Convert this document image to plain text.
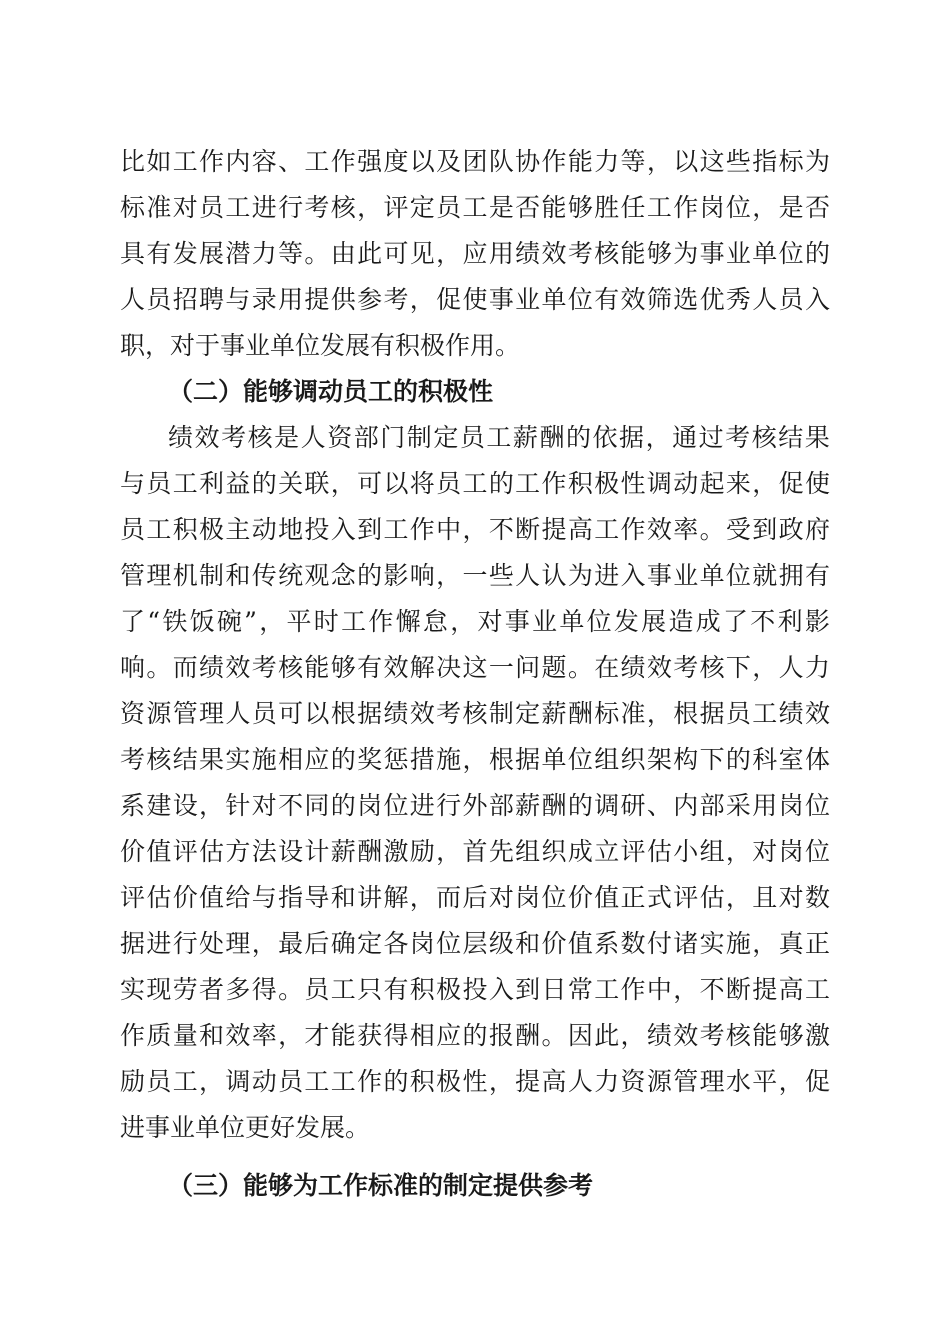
比 如 工 作 内 容 、 工 作 强 度 以 及 团 队 协 作 能 力 等 ， 以 这 些 指 标 为
标 准 对 员 工 进 行 考 核 ， 评 定 员 工 是 否 能 够 胜 任 工 作 岗 位 ， 是 否
具 有 发 展 潜 力 等 。 由 此 可 见 ， 应 用 绩 效 考 核 能 够 为 事 业 单 位 的
人 员 招 聘 与 录 用 提 供 参 考 ， 促 使 事 业 单 位 有 效 筛 选 优 秀 人 员 入
职，对于事业单位发展有积极作用。
（二）能够调动员工的积极性
绩 效 考 核 是 人 资 部 门 制 定 员 工 薪 酬 的 依 据 ， 通 过 考 核 结 果
与 员 工 利 益 的 关 联 ， 可 以 将 员 工 的 工 作 积 极 性 调 动 起 来 ， 促 使
员 工 积 极 主 动 地 投 入 到 工 作 中 ， 不 断 提 高 工 作 效 率 。 受 到 政 府
管 理 机 制 和 传 统 观 念 的 影 响 ， 一 些 人 认 为 进 入 事 业 单 位 就 拥 有
了 “ 铁 饭 碗 ” ， 平 时 工 作 懈 怠 ， 对 事 业 单 位 发 展 造 成 了 不 利 影
响 。 而 绩 效 考 核 能 够 有 效 解 决 这 一 问 题 。 在 绩 效 考 核 下 ， 人 力
资 源 管 理 人 员 可 以 根 据 绩 效 考 核 制 定 薪 酬 标 准 ， 根 据 员 工 绩 效
考 核 结 果 实 施 相 应 的 奖 惩 措 施 ， 根 据 单 位 组 织 架 构 下 的 科 室 体
系 建 设 ， 针 对 不 同 的 岗 位 进 行 外 部 薪 酬 的 调 研 、 内 部 采 用 岗 位
价 值 评 估 方 法 设 计 薪 酬 激 励 ， 首 先 组 织 成 立 评 估 小 组 ， 对 岗 位
评 估 价 值 给 与 指 导 和 讲 解 ， 而 后 对 岗 位 价 值 正 式 评 估 ， 且 对 数
据 进 行 处 理 ， 最 后 确 定 各 岗 位 层 级 和 价 值 系 数 付 诸 实 施 ， 真 正
实 现 劳 者 多 得 。 员 工 只 有 积 极 投 入 到 日 常 工 作 中 ， 不 断 提 高 工
作 质 量 和 效 率 ， 才 能 获 得 相 应 的 报 酬 。 因 此 ， 绩 效 考 核 能 够 激
励 员 工 ， 调 动 员 工 工 作 的 积 极 性 ， 提 高 人 力 资 源 管 理 水 平 ， 促
进事业单位更好发展。
（三）能够为工作标准的制定提供参考
